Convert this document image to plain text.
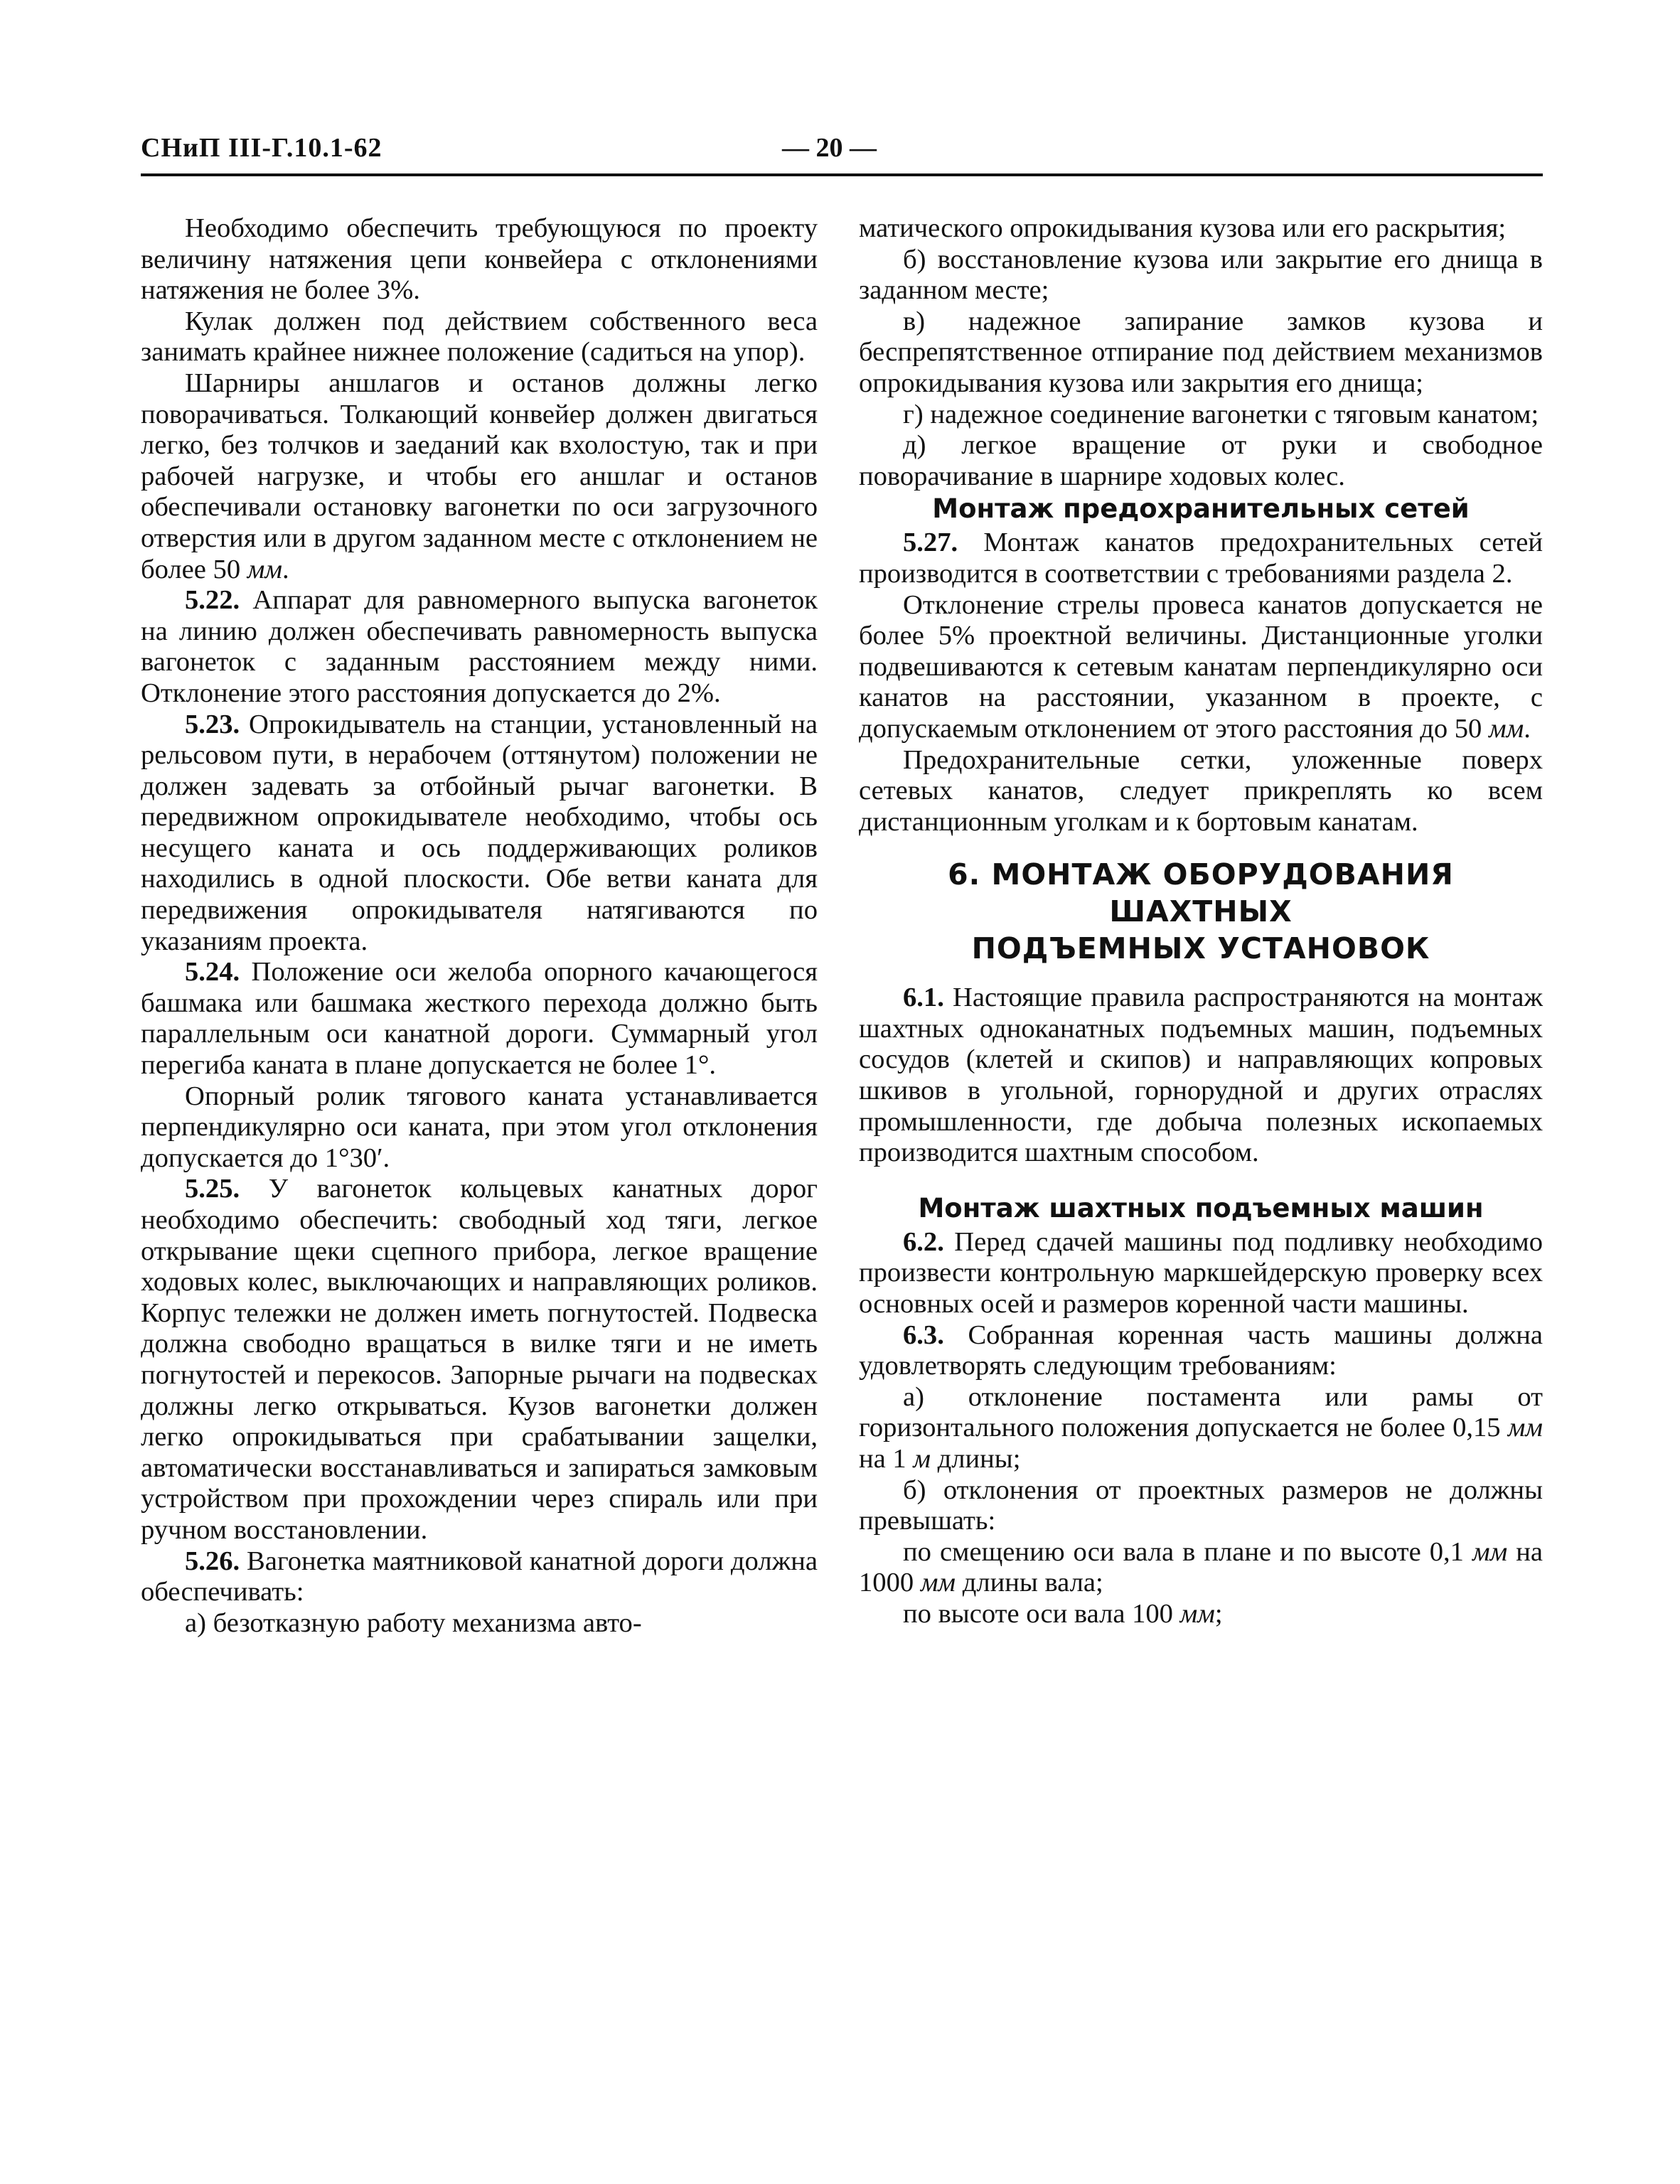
СНиП III-Г.10.1-62	— 20 —

Необходимо обеспечить требующуюся по проекту величину натяжения цепи конвейера с отклонениями натяжения не более 3%.

Кулак должен под действием собственного веса занимать крайнее нижнее положение (садиться на упор).

Шарниры аншлагов и останов должны легко поворачиваться. Толкающий конвейер должен двигаться легко, без толчков и заеданий как вхолостую, так и при рабочей нагрузке, и чтобы его аншлаг и останов обеспечивали остановку вагонетки по оси загрузочного отверстия или в другом заданном месте с отклонением не более 50 мм.

5.22. Аппарат для равномерного выпуска вагонеток на линию должен обеспечивать равномерность выпуска вагонеток с заданным расстоянием между ними. Отклонение этого расстояния допускается до 2%.

5.23. Опрокидыватель на станции, установленный на рельсовом пути, в нерабочем (оттянутом) положении не должен задевать за отбойный рычаг вагонетки. В передвижном опрокидывателе необходимо, чтобы ось несущего каната и ось поддерживающих роликов находились в одной плоскости. Обе ветви каната для передвижения опрокидывателя натягиваются по указаниям проекта.

5.24. Положение оси желоба опорного качающегося башмака или башмака жесткого перехода должно быть параллельным оси канатной дороги. Суммарный угол перегиба каната в плане допускается не более 1°.

Опорный ролик тягового каната устанавливается перпендикулярно оси каната, при этом угол отклонения допускается до 1°30′.

5.25. У вагонеток кольцевых канатных дорог необходимо обеспечить: свободный ход тяги, легкое открывание щеки сцепного прибора, легкое вращение ходовых колес, выключающих и направляющих роликов. Корпус тележки не должен иметь погнутостей. Подвеска должна свободно вращаться в вилке тяги и не иметь погнутостей и перекосов. Запорные рычаги на подвесках должны легко открываться. Кузов вагонетки должен легко опрокидываться при срабатывании защелки, автоматически восстанавливаться и запираться замковым устройством при прохождении через спираль или при ручном восстановлении.

5.26. Вагонетка маятниковой канатной дороги должна обеспечивать:

а) безотказную работу механизма авто-

матического опрокидывания кузова или его раскрытия;

б) восстановление кузова или закрытие его днища в заданном месте;

в) надежное запирание замков кузова и беспрепятственное отпирание под действием механизмов опрокидывания кузова или закрытия его днища;

г) надежное соединение вагонетки с тяговым канатом;

д) легкое вращение от руки и свободное поворачивание в шарнире ходовых колес.

Монтаж предохранительных сетей

5.27. Монтаж канатов предохранительных сетей производится в соответствии с требованиями раздела 2.

Отклонение стрелы провеса канатов допускается не более 5% проектной величины. Дистанционные уголки подвешиваются к сетевым канатам перпендикулярно оси канатов на расстоянии, указанном в проекте, с допускаемым отклонением от этого расстояния до 50 мм.

Предохранительные сетки, уложенные поверх сетевых канатов, следует прикреплять ко всем дистанционным уголкам и к бортовым канатам.

6. МОНТАЖ ОБОРУДОВАНИЯ ШАХТНЫХ
ПОДЪЕМНЫХ УСТАНОВОК

6.1. Настоящие правила распространяются на монтаж шахтных одноканатных подъемных машин, подъемных сосудов (клетей и скипов) и направляющих копровых шкивов в угольной, горнорудной и других отраслях промышленности, где добыча полезных ископаемых производится шахтным способом.

Монтаж шахтных подъемных машин

6.2. Перед сдачей машины под подливку необходимо произвести контрольную маркшейдерскую проверку всех основных осей и размеров коренной части машины.

6.3. Собранная коренная часть машины должна удовлетворять следующим требованиям:

а) отклонение постамента или рамы от горизонтального положения допускается не более 0,15 мм на 1 м длины;

б) отклонения от проектных размеров не должны превышать:

по смещению оси вала в плане и по высоте 0,1 мм на 1000 мм длины вала;

по высоте оси вала 100 мм;
